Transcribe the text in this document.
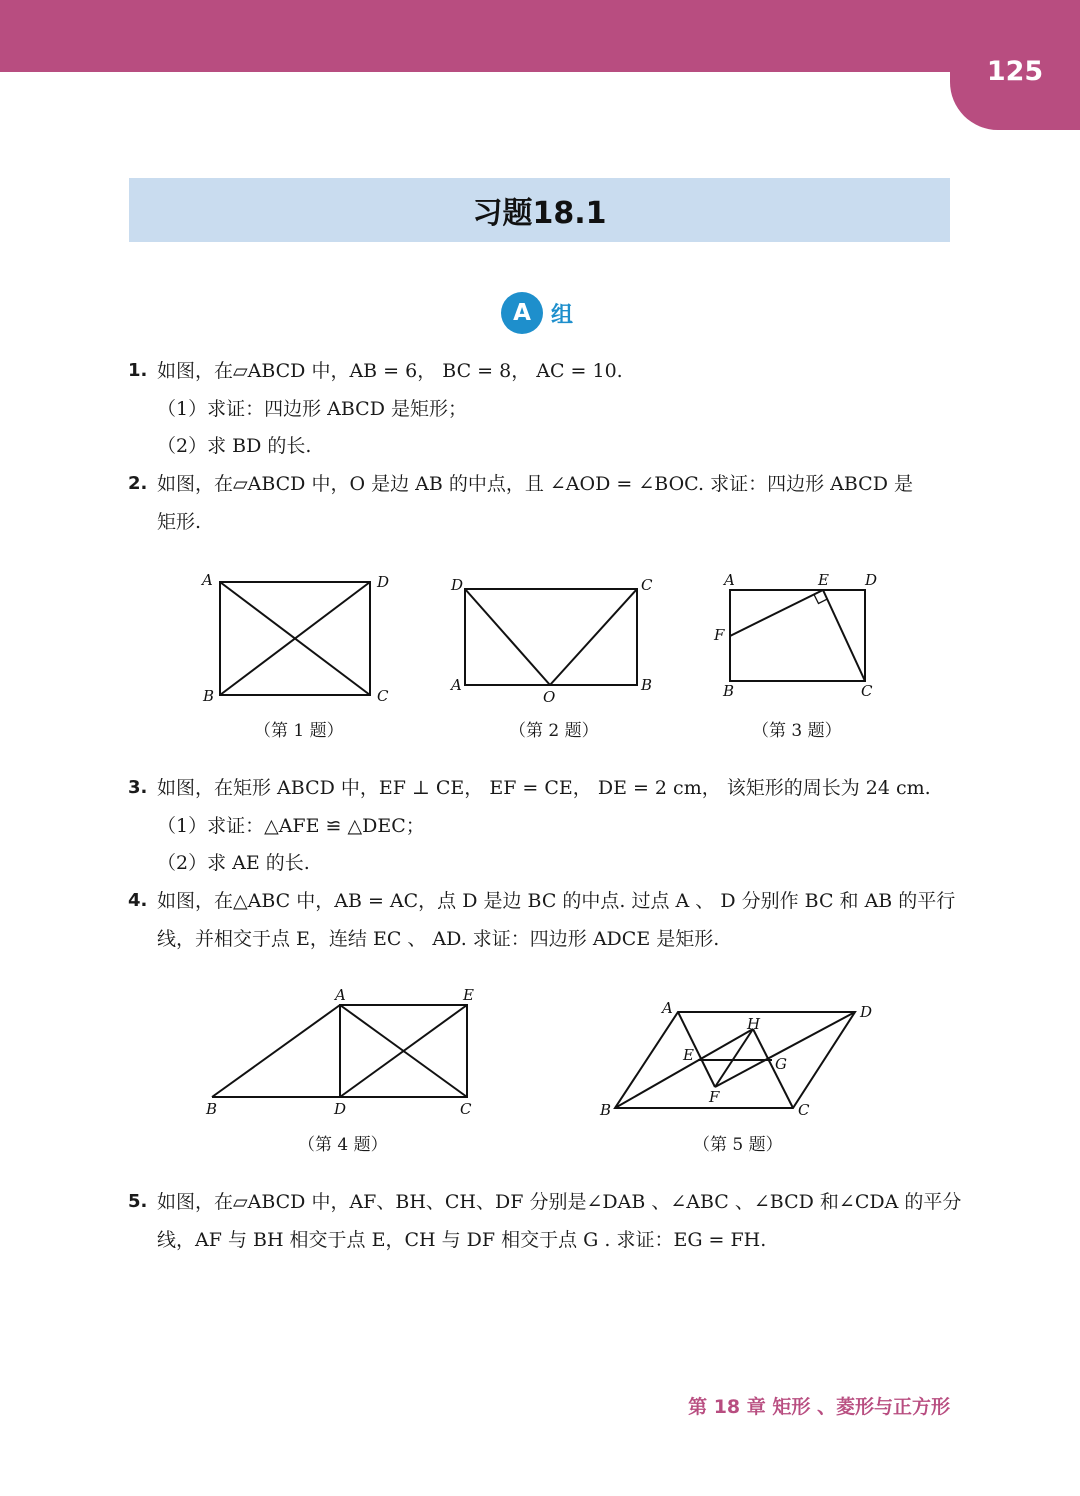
125
习题18.1
A 组
1. 如图，在▱ABCD 中，AB = 6， BC = 8， AC = 10.
（1）求证：四边形 ABCD 是矩形；
（2）求 BD 的长.
2. 如图，在▱ABCD 中，O 是边 AB 的中点，且 ∠AOD = ∠BOC. 求证：四边形 ABCD 是
矩形.
A	D
B	C
（第 1 题）
D	C
A	B
O
（第 2 题）
A	E D
F
B	C
（第 3 题）
3. 如图，在矩形 ABCD 中，EF ⊥ CE， EF = CE， DE = 2 cm， 该矩形的周长为 24 cm.
（1）求证：△AFE ≌ △DEC；
（2）求 AE 的长.
4. 如图，在△ABC 中，AB = AC，点 D 是边 BC 的中点. 过点 A 、 D 分别作 BC 和 AB 的平行
线，并相交于点 E，连结 EC 、 AD. 求证：四边形 ADCE 是矩形.
A	E
B	D	C
（第 4 题）
A	D
H
E	G
F
B	C
（第 5 题）
5. 如图，在▱ABCD 中，AF、BH、CH、DF 分别是∠DAB 、∠ABC 、∠BCD 和∠CDA 的平分
线，AF 与 BH 相交于点 E，CH 与 DF 相交于点 G . 求证：EG = FH.
第 18 章 矩形 、菱形与正方形
